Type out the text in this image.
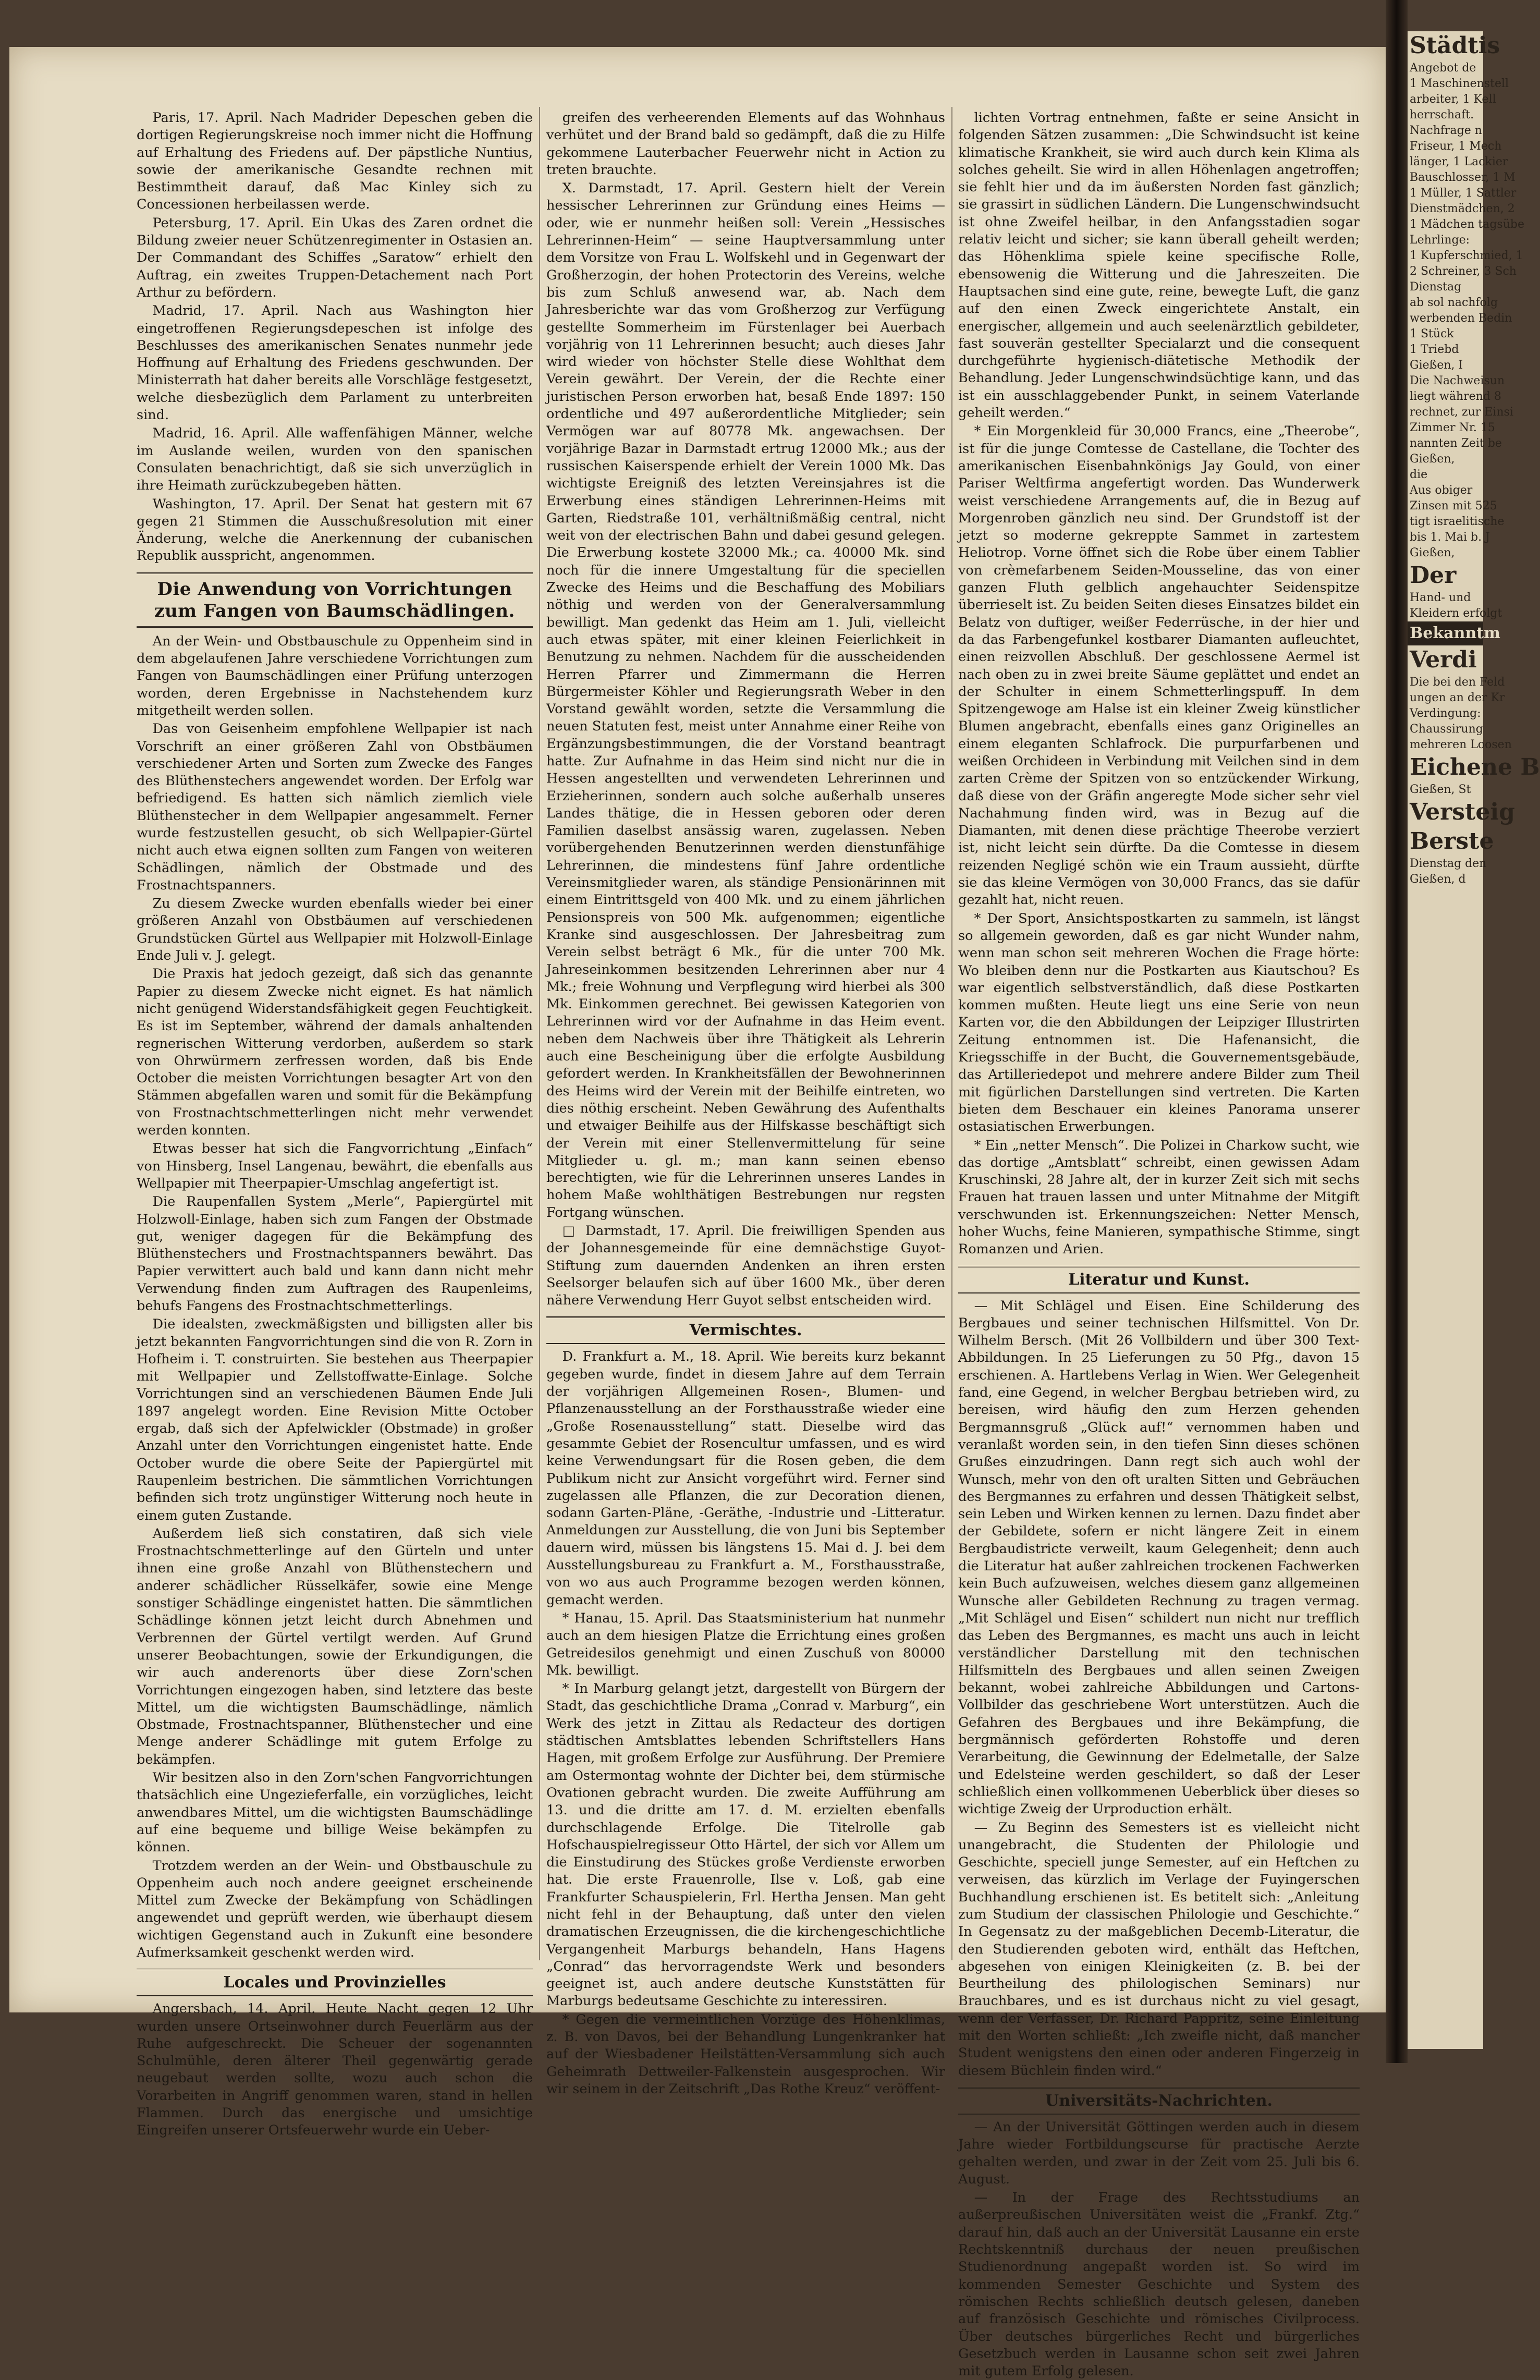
Städtis
Angebot de
1 Maschinenstell
arbeiter, 1 Kell
herrschaft.
Nachfrage n
Friseur, 1 Mech
länger, 1 Lackier
Bauschlosser, 1 M
1 Müller, 1 Sattler
Dienstmädchen, 2
1 Mädchen tagsübe
Lehrlinge:
1 Kupferschmied, 1
2 Schreiner, 3 Sch
Dienstag
ab sol nachfolg
werbenden Bedin
1 Stück
1 Triebd
Gießen, I
Die Nachweisun
liegt während 8
rechnet, zur Einsi
Zimmer Nr. 15
nannten Zeit be
Gießen,
die
Aus obiger
Zinsen mit 525
tigt israelitische
bis 1. Mai b. J
Gießen,
Der
Hand- und
Kleidern erfolgt
Bekanntm
Verdi
Die bei den Feld
ungen an der Kr
Verdingung:
Chaussirung
mehreren Loosen
Eichene B
Gießen, St
Versteig
Berste
Dienstag den
Gießen, d

Paris, 17. April. Nach Madrider Depeschen geben die dortigen Regierungskreise noch immer nicht die Hoffnung auf Erhaltung des Friedens auf. Der päpstliche Nuntius, sowie der amerikanische Gesandte rechnen mit Bestimmtheit darauf, daß Mac Kinley sich zu Concessionen herbeilassen werde.

Petersburg, 17. April. Ein Ukas des Zaren ordnet die Bildung zweier neuer Schützenregimenter in Ostasien an. Der Commandant des Schiffes „Saratow“ erhielt den Auftrag, ein zweites Truppen-Detachement nach Port Arthur zu befördern.

Madrid, 17. April. Nach aus Washington hier eingetroffenen Regierungsdepeschen ist infolge des Beschlusses des amerikanischen Senates nunmehr jede Hoffnung auf Erhaltung des Friedens geschwunden. Der Ministerrath hat daher bereits alle Vorschläge festgesetzt, welche diesbezüglich dem Parlament zu unterbreiten sind.

Madrid, 16. April. Alle waffenfähigen Männer, welche im Auslande weilen, wurden von den spanischen Consulaten benachrichtigt, daß sie sich unverzüglich in ihre Heimath zurückzubegeben hätten.

Washington, 17. April. Der Senat hat gestern mit 67 gegen 21 Stimmen die Ausschußresolution mit einer Änderung, welche die Anerkennung der cubanischen Republik ausspricht, angenommen.

Die Anwendung von Vorrichtungen zum Fangen von Baumschädlingen.

An der Wein- und Obstbauschule zu Oppenheim sind in dem abgelaufenen Jahre verschiedene Vorrichtungen zum Fangen von Baumschädlingen einer Prüfung unterzogen worden, deren Ergebnisse in Nachstehendem kurz mitgetheilt werden sollen.

Das von Geisenheim empfohlene Wellpapier ist nach Vorschrift an einer größeren Zahl von Obstbäumen verschiedener Arten und Sorten zum Zwecke des Fanges des Blüthenstechers angewendet worden. Der Erfolg war befriedigend. Es hatten sich nämlich ziemlich viele Blüthenstecher in dem Wellpapier angesammelt. Ferner wurde festzustellen gesucht, ob sich Wellpapier-Gürtel nicht auch etwa eignen sollten zum Fangen von weiteren Schädlingen, nämlich der Obstmade und des Frostnachtspanners.

Zu diesem Zwecke wurden ebenfalls wieder bei einer größeren Anzahl von Obstbäumen auf verschiedenen Grundstücken Gürtel aus Wellpapier mit Holzwoll-Einlage Ende Juli v. J. gelegt.

Die Praxis hat jedoch gezeigt, daß sich das genannte Papier zu diesem Zwecke nicht eignet. Es hat nämlich nicht genügend Widerstandsfähigkeit gegen Feuchtigkeit. Es ist im September, während der damals anhaltenden regnerischen Witterung verdorben, außerdem so stark von Ohrwürmern zerfressen worden, daß bis Ende October die meisten Vorrichtungen besagter Art von den Stämmen abgefallen waren und somit für die Bekämpfung von Frostnachtschmetterlingen nicht mehr verwendet werden konnten.

Etwas besser hat sich die Fangvorrichtung „Einfach“ von Hinsberg, Insel Langenau, bewährt, die ebenfalls aus Wellpapier mit Theerpapier-Umschlag angefertigt ist.

Die Raupenfallen System „Merle“, Papiergürtel mit Holzwoll-Einlage, haben sich zum Fangen der Obstmade gut, weniger dagegen für die Bekämpfung des Blüthenstechers und Frostnachtspanners bewährt. Das Papier verwittert auch bald und kann dann nicht mehr Verwendung finden zum Auftragen des Raupenleims, behufs Fangens des Frostnachtschmetterlings.

Die idealsten, zweckmäßigsten und billigsten aller bis jetzt bekannten Fangvorrichtungen sind die von R. Zorn in Hofheim i. T. construirten. Sie bestehen aus Theerpapier mit Wellpapier und Zellstoffwatte-Einlage. Solche Vorrichtungen sind an verschiedenen Bäumen Ende Juli 1897 angelegt worden. Eine Revision Mitte October ergab, daß sich der Apfelwickler (Obstmade) in großer Anzahl unter den Vorrichtungen eingenistet hatte. Ende October wurde die obere Seite der Papiergürtel mit Raupenleim bestrichen. Die sämmtlichen Vorrichtungen befinden sich trotz ungünstiger Witterung noch heute in einem guten Zustande.

Außerdem ließ sich constatiren, daß sich viele Frostnachtschmetterlinge auf den Gürteln und unter ihnen eine große Anzahl von Blüthenstechern und anderer schädlicher Rüsselkäfer, sowie eine Menge sonstiger Schädlinge eingenistet hatten. Die sämmtlichen Schädlinge können jetzt leicht durch Abnehmen und Verbrennen der Gürtel vertilgt werden. Auf Grund unserer Beobachtungen, sowie der Erkundigungen, die wir auch anderenorts über diese Zorn'schen Vorrichtungen eingezogen haben, sind letztere das beste Mittel, um die wichtigsten Baumschädlinge, nämlich Obstmade, Frostnachtspanner, Blüthenstecher und eine Menge anderer Schädlinge mit gutem Erfolge zu bekämpfen.

Wir besitzen also in den Zorn'schen Fangvorrichtungen thatsächlich eine Ungezieferfalle, ein vorzügliches, leicht anwendbares Mittel, um die wichtigsten Baumschädlinge auf eine bequeme und billige Weise bekämpfen zu können.

Trotzdem werden an der Wein- und Obstbauschule zu Oppenheim auch noch andere geeignet erscheinende Mittel zum Zwecke der Bekämpfung von Schädlingen angewendet und geprüft werden, wie überhaupt diesem wichtigen Gegenstand auch in Zukunft eine besondere Aufmerksamkeit geschenkt werden wird.

Locales und Provinzielles

Angersbach, 14. April. Heute Nacht gegen 12 Uhr wurden unsere Ortseinwohner durch Feuerlärm aus der Ruhe aufgeschreckt. Die Scheuer der sogenannten Schulmühle, deren älterer Theil gegenwärtig gerade neugebaut werden sollte, wozu auch schon die Vorarbeiten in Angriff genommen waren, stand in hellen Flammen. Durch das energische und umsichtige Eingreifen unserer Ortsfeuerwehr wurde ein Ueber-

greifen des verheerenden Elements auf das Wohnhaus verhütet und der Brand bald so gedämpft, daß die zu Hilfe gekommene Lauterbacher Feuerwehr nicht in Action zu treten brauchte.

X. Darmstadt, 17. April. Gestern hielt der Verein hessischer Lehrerinnen zur Gründung eines Heims — oder, wie er nunmehr heißen soll: Verein „Hessisches Lehrerinnen-Heim“ — seine Hauptversammlung unter dem Vorsitze von Frau L. Wolfskehl und in Gegenwart der Großherzogin, der hohen Protectorin des Vereins, welche bis zum Schluß anwesend war, ab. Nach dem Jahresberichte war das vom Großherzog zur Verfügung gestellte Sommerheim im Fürstenlager bei Auerbach vorjährig von 11 Lehrerinnen besucht; auch dieses Jahr wird wieder von höchster Stelle diese Wohlthat dem Verein gewährt. Der Verein, der die Rechte einer juristischen Person erworben hat, besaß Ende 1897: 150 ordentliche und 497 außerordentliche Mitglieder; sein Vermögen war auf 80778 Mk. angewachsen. Der vorjährige Bazar in Darmstadt ertrug 12000 Mk.; aus der russischen Kaiserspende erhielt der Verein 1000 Mk. Das wichtigste Ereigniß des letzten Vereinsjahres ist die Erwerbung eines ständigen Lehrerinnen-Heims mit Garten, Riedstraße 101, verhältnißmäßig central, nicht weit von der electrischen Bahn und dabei gesund gelegen. Die Erwerbung kostete 32000 Mk.; ca. 40000 Mk. sind noch für die innere Umgestaltung für die speciellen Zwecke des Heims und die Beschaffung des Mobiliars nöthig und werden von der Generalversammlung bewilligt. Man gedenkt das Heim am 1. Juli, vielleicht auch etwas später, mit einer kleinen Feierlichkeit in Benutzung zu nehmen. Nachdem für die ausscheidenden Herren Pfarrer und Zimmermann die Herren Bürgermeister Köhler und Regierungsrath Weber in den Vorstand gewählt worden, setzte die Versammlung die neuen Statuten fest, meist unter Annahme einer Reihe von Ergänzungsbestimmungen, die der Vorstand beantragt hatte. Zur Aufnahme in das Heim sind nicht nur die in Hessen angestellten und verwendeten Lehrerinnen und Erzieherinnen, sondern auch solche außerhalb unseres Landes thätige, die in Hessen geboren oder deren Familien daselbst ansässig waren, zugelassen. Neben vorübergehenden Benutzerinnen werden dienstunfähige Lehrerinnen, die mindestens fünf Jahre ordentliche Vereinsmitglieder waren, als ständige Pensionärinnen mit einem Eintrittsgeld von 400 Mk. und zu einem jährlichen Pensionspreis von 500 Mk. aufgenommen; eigentliche Kranke sind ausgeschlossen. Der Jahresbeitrag zum Verein selbst beträgt 6 Mk., für die unter 700 Mk. Jahreseinkommen besitzenden Lehrerinnen aber nur 4 Mk.; freie Wohnung und Verpflegung wird hierbei als 300 Mk. Einkommen gerechnet. Bei gewissen Kategorien von Lehrerinnen wird vor der Aufnahme in das Heim event. neben dem Nachweis über ihre Thätigkeit als Lehrerin auch eine Bescheinigung über die erfolgte Ausbildung gefordert werden. In Krankheitsfällen der Bewohnerinnen des Heims wird der Verein mit der Beihilfe eintreten, wo dies nöthig erscheint. Neben Gewährung des Aufenthalts und etwaiger Beihilfe aus der Hilfskasse beschäftigt sich der Verein mit einer Stellenvermittelung für seine Mitglieder u. gl. m.; man kann seinen ebenso berechtigten, wie für die Lehrerinnen unseres Landes in hohem Maße wohlthätigen Bestrebungen nur regsten Fortgang wünschen.

□ Darmstadt, 17. April. Die freiwilligen Spenden aus der Johannesgemeinde für eine demnächstige Guyot-Stiftung zum dauernden Andenken an ihren ersten Seelsorger belaufen sich auf über 1600 Mk., über deren nähere Verwendung Herr Guyot selbst entscheiden wird.

Vermischtes.

D. Frankfurt a. M., 18. April. Wie bereits kurz bekannt gegeben wurde, findet in diesem Jahre auf dem Terrain der vorjährigen Allgemeinen Rosen-, Blumen- und Pflanzenausstellung an der Forsthausstraße wieder eine „Große Rosenausstellung“ statt. Dieselbe wird das gesammte Gebiet der Rosencultur umfassen, und es wird keine Verwendungsart für die Rosen geben, die dem Publikum nicht zur Ansicht vorgeführt wird. Ferner sind zugelassen alle Pflanzen, die zur Decoration dienen, sodann Garten-Pläne, -Geräthe, -Industrie und -Litteratur. Anmeldungen zur Ausstellung, die von Juni bis September dauern wird, müssen bis längstens 15. Mai d. J. bei dem Ausstellungsbureau zu Frankfurt a. M., Forsthausstraße, von wo aus auch Programme bezogen werden können, gemacht werden.

* Hanau, 15. April. Das Staatsministerium hat nunmehr auch an dem hiesigen Platze die Errichtung eines großen Getreidesilos genehmigt und einen Zuschuß von 80000 Mk. bewilligt.

* In Marburg gelangt jetzt, dargestellt von Bürgern der Stadt, das geschichtliche Drama „Conrad v. Marburg“, ein Werk des jetzt in Zittau als Redacteur des dortigen städtischen Amtsblattes lebenden Schriftstellers Hans Hagen, mit großem Erfolge zur Ausführung. Der Premiere am Ostermontag wohnte der Dichter bei, dem stürmische Ovationen gebracht wurden. Die zweite Aufführung am 13. und die dritte am 17. d. M. erzielten ebenfalls durchschlagende Erfolge. Die Titelrolle gab Hofschauspielregisseur Otto Härtel, der sich vor Allem um die Einstudirung des Stückes große Verdienste erworben hat. Die erste Frauenrolle, Ilse v. Loß, gab eine Frankfurter Schauspielerin, Frl. Hertha Jensen. Man geht nicht fehl in der Behauptung, daß unter den vielen dramatischen Erzeugnissen, die die kirchengeschichtliche Vergangenheit Marburgs behandeln, Hans Hagens „Conrad“ das hervorragendste Werk und besonders geeignet ist, auch andere deutsche Kunststätten für Marburgs bedeutsame Geschichte zu interessiren.

* Gegen die vermeintlichen Vorzüge des Höhenklimas, z. B. von Davos, bei der Behandlung Lungenkranker hat auf der Wiesbadener Heilstätten-Versammlung sich auch Geheimrath Dettweiler-Falkenstein ausgesprochen. Wir wir seinem in der Zeitschrift „Das Rothe Kreuz“ veröffent-

lichten Vortrag entnehmen, faßte er seine Ansicht in folgenden Sätzen zusammen: „Die Schwindsucht ist keine klimatische Krankheit, sie wird auch durch kein Klima als solches geheilt. Sie wird in allen Höhenlagen angetroffen; sie fehlt hier und da im äußersten Norden fast gänzlich; sie grassirt in südlichen Ländern. Die Lungenschwindsucht ist ohne Zweifel heilbar, in den Anfangsstadien sogar relativ leicht und sicher; sie kann überall geheilt werden; das Höhenklima spiele keine specifische Rolle, ebensowenig die Witterung und die Jahreszeiten. Die Hauptsachen sind eine gute, reine, bewegte Luft, die ganz auf den einen Zweck eingerichtete Anstalt, ein energischer, allgemein und auch seelenärztlich gebildeter, fast souverän gestellter Specialarzt und die consequent durchgeführte hygienisch-diätetische Methodik der Behandlung. Jeder Lungenschwindsüchtige kann, und das ist ein ausschlaggebender Punkt, in seinem Vaterlande geheilt werden.“

* Ein Morgenkleid für 30,000 Francs, eine „Theerobe“, ist für die junge Comtesse de Castellane, die Tochter des amerikanischen Eisenbahnkönigs Jay Gould, von einer Pariser Weltfirma angefertigt worden. Das Wunderwerk weist verschiedene Arrangements auf, die in Bezug auf Morgenroben gänzlich neu sind. Der Grundstoff ist der jetzt so moderne gekreppte Sammet in zartestem Heliotrop. Vorne öffnet sich die Robe über einem Tablier von crèmefarbenem Seiden-Mousseline, das von einer ganzen Fluth gelblich angehauchter Seidenspitze überrieselt ist. Zu beiden Seiten dieses Einsatzes bildet ein Belatz von duftiger, weißer Federrüsche, in der hier und da das Farbengefunkel kostbarer Diamanten aufleuchtet, einen reizvollen Abschluß. Der geschlossene Aermel ist nach oben zu in zwei breite Säume geplättet und endet an der Schulter in einem Schmetterlingspuff. In dem Spitzengewoge am Halse ist ein kleiner Zweig künstlicher Blumen angebracht, ebenfalls eines ganz Originelles an einem eleganten Schlafrock. Die purpurfarbenen und weißen Orchideen in Verbindung mit Veilchen sind in dem zarten Crème der Spitzen von so entzückender Wirkung, daß diese von der Gräfin angeregte Mode sicher sehr viel Nachahmung finden wird, was in Bezug auf die Diamanten, mit denen diese prächtige Theerobe verziert ist, nicht leicht sein dürfte. Da die Comtesse in diesem reizenden Negligé schön wie ein Traum aussieht, dürfte sie das kleine Vermögen von 30,000 Francs, das sie dafür gezahlt hat, nicht reuen.

* Der Sport, Ansichtspostkarten zu sammeln, ist längst so allgemein geworden, daß es gar nicht Wunder nahm, wenn man schon seit mehreren Wochen die Frage hörte: Wo bleiben denn nur die Postkarten aus Kiautschou? Es war eigentlich selbstverständlich, daß diese Postkarten kommen mußten. Heute liegt uns eine Serie von neun Karten vor, die den Abbildungen der Leipziger Illustrirten Zeitung entnommen ist. Die Hafenansicht, die Kriegsschiffe in der Bucht, die Gouvernementsgebäude, das Artilleriedepot und mehrere andere Bilder zum Theil mit figürlichen Darstellungen sind vertreten. Die Karten bieten dem Beschauer ein kleines Panorama unserer ostasiatischen Erwerbungen.

* Ein „netter Mensch“. Die Polizei in Charkow sucht, wie das dortige „Amtsblatt“ schreibt, einen gewissen Adam Kruschinski, 28 Jahre alt, der in kurzer Zeit sich mit sechs Frauen hat trauen lassen und unter Mitnahme der Mitgift verschwunden ist. Erkennungszeichen: Netter Mensch, hoher Wuchs, feine Manieren, sympathische Stimme, singt Romanzen und Arien.

Literatur und Kunst.

— Mit Schlägel und Eisen. Eine Schilderung des Bergbaues und seiner technischen Hilfsmittel. Von Dr. Wilhelm Bersch. (Mit 26 Vollbildern und über 300 Text-Abbildungen. In 25 Lieferungen zu 50 Pfg., davon 15 erschienen. A. Hartlebens Verlag in Wien. Wer Gelegenheit fand, eine Gegend, in welcher Bergbau betrieben wird, zu bereisen, wird häufig den zum Herzen gehenden Bergmannsgruß „Glück auf!“ vernommen haben und veranlaßt worden sein, in den tiefen Sinn dieses schönen Grußes einzudringen. Dann regt sich auch wohl der Wunsch, mehr von den oft uralten Sitten und Gebräuchen des Bergmannes zu erfahren und dessen Thätigkeit selbst, sein Leben und Wirken kennen zu lernen. Dazu findet aber der Gebildete, sofern er nicht längere Zeit in einem Bergbaudistricte verweilt, kaum Gelegenheit; denn auch die Literatur hat außer zahlreichen trockenen Fachwerken kein Buch aufzuweisen, welches diesem ganz allgemeinen Wunsche aller Gebildeten Rechnung zu tragen vermag. „Mit Schlägel und Eisen“ schildert nun nicht nur trefflich das Leben des Bergmannes, es macht uns auch in leicht verständlicher Darstellung mit den technischen Hilfsmitteln des Bergbaues und allen seinen Zweigen bekannt, wobei zahlreiche Abbildungen und Cartons-Vollbilder das geschriebene Wort unterstützen. Auch die Gefahren des Bergbaues und ihre Bekämpfung, die bergmännisch geförderten Rohstoffe und deren Verarbeitung, die Gewinnung der Edelmetalle, der Salze und Edelsteine werden geschildert, so daß der Leser schließlich einen vollkommenen Ueberblick über dieses so wichtige Zweig der Urproduction erhält.

— Zu Beginn des Semesters ist es vielleicht nicht unangebracht, die Studenten der Philologie und Geschichte, speciell junge Semester, auf ein Heftchen zu verweisen, das kürzlich im Verlage der Fuyingerschen Buchhandlung erschienen ist. Es betitelt sich: „Anleitung zum Studium der classischen Philologie und Geschichte.“ In Gegensatz zu der maßgeblichen Decemb-Literatur, die den Studierenden geboten wird, enthält das Heftchen, abgesehen von einigen Kleinigkeiten (z. B. bei der Beurtheilung des philologischen Seminars) nur Brauchbares, und es ist durchaus nicht zu viel gesagt, wenn der Verfasser, Dr. Richard Pappritz, seine Einleitung mit den Worten schließt: „Ich zweifle nicht, daß mancher Student wenigstens den einen oder anderen Fingerzeig in diesem Büchlein finden wird.“

Universitäts-Nachrichten.

— An der Universität Göttingen werden auch in diesem Jahre wieder Fortbildungscurse für practische Aerzte gehalten werden, und zwar in der Zeit vom 25. Juli bis 6. August.

— In der Frage des Rechtsstudiums an außerpreußischen Universitäten weist die „Frankf. Ztg.“ darauf hin, daß auch an der Universität Lausanne ein erste Rechtskenntniß durchaus der neuen preußischen Studienordnung angepaßt worden ist. So wird im kommenden Semester Geschichte und System des römischen Rechts schließlich deutsch gelesen, daneben auf französisch Geschichte und römisches Civilprocess. Über deutsches bürgerliches Recht und bürgerliches Gesetzbuch werden in Lausanne schon seit zwei Jahren mit gutem Erfolg gelesen.
